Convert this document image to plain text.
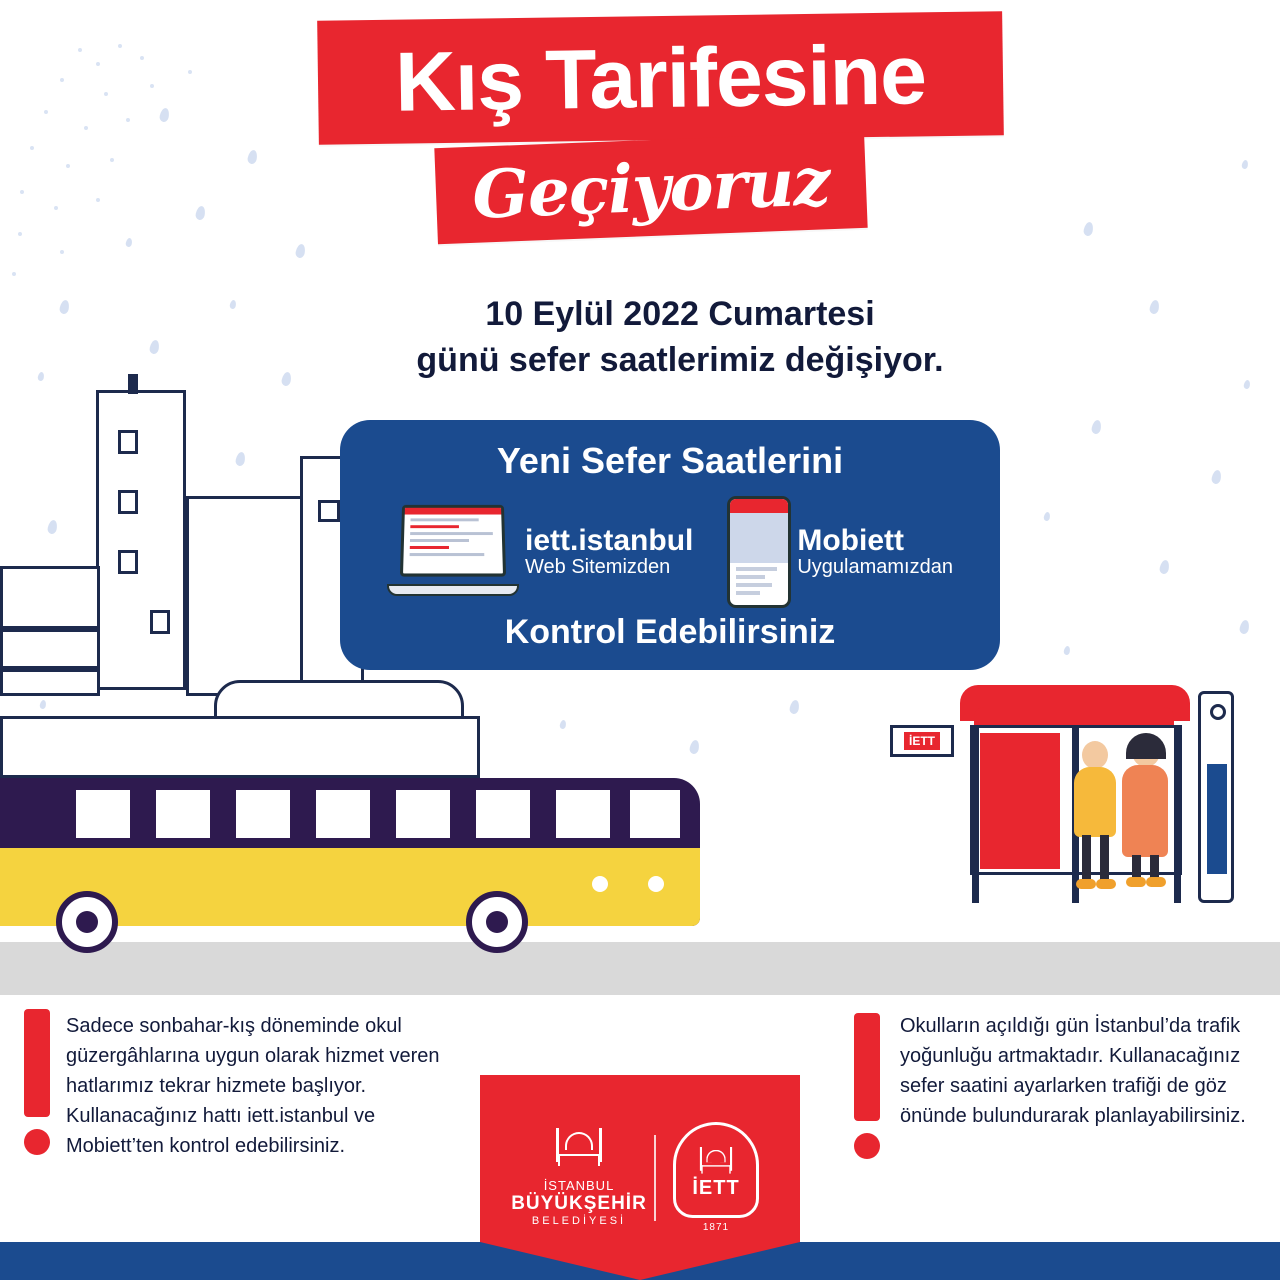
İETT
Kış Tarifesine
Geçiyoruz
10 Eylül 2022 Cumartesi
günü sefer saatlerimiz değişiyor.
Yeni Sefer Saatlerini
iett.istanbul
Web Sitemizden
Mobiett
Uygulamamızdan
Kontrol Edebilirsiniz
Sadece sonbahar-kış döneminde okul güzergâhlarına uygun olarak hizmet veren hatlarımız tekrar hizmete başlıyor. Kullanacağınız hattı iett.istanbul ve Mobiett’ten kontrol edebilirsiniz.
Okulların açıldığı gün İstanbul’da trafik yoğunluğu artmaktadır. Kullanacağınız sefer saatini ayarlarken trafiği de göz önünde bulundurarak planlayabilirsiniz.
İSTANBUL
BÜYÜKŞEHİR
BELEDİYESİ
İETT
1871
